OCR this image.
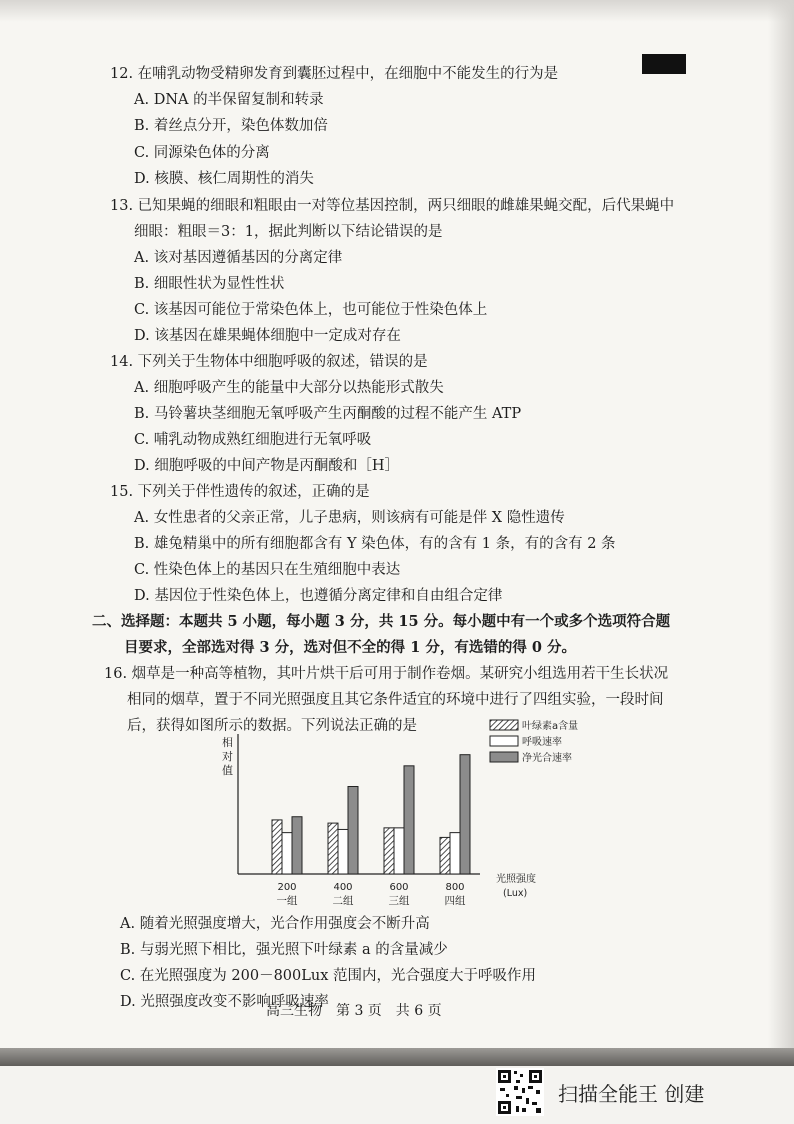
12. 在哺乳动物受精卵发育到囊胚过程中，在细胞中不能发生的行为是
A. DNA 的半保留复制和转录
B. 着丝点分开，染色体数加倍
C. 同源染色体的分离
D. 核膜、核仁周期性的消失
13. 已知果蝇的细眼和粗眼由一对等位基因控制，两只细眼的雌雄果蝇交配，后代果蝇中
细眼：粗眼＝3：1，据此判断以下结论错误的是
A. 该对基因遵循基因的分离定律
B. 细眼性状为显性性状
C. 该基因可能位于常染色体上，也可能位于性染色体上
D. 该基因在雄果蝇体细胞中一定成对存在
14. 下列关于生物体中细胞呼吸的叙述，错误的是
A. 细胞呼吸产生的能量中大部分以热能形式散失
B. 马铃薯块茎细胞无氧呼吸产生丙酮酸的过程不能产生 ATP
C. 哺乳动物成熟红细胞进行无氧呼吸
D. 细胞呼吸的中间产物是丙酮酸和［H］
15. 下列关于伴性遗传的叙述，正确的是
A. 女性患者的父亲正常，儿子患病，则该病有可能是伴 X 隐性遗传
B. 雄兔精巢中的所有细胞都含有 Y 染色体，有的含有 1 条，有的含有 2 条
C. 性染色体上的基因只在生殖细胞中表达
D. 基因位于性染色体上，也遵循分离定律和自由组合定律
二、选择题：本题共 5 小题，每小题 3 分，共 15 分。每小题中有一个或多个选项符合题
目要求，全部选对得 3 分，选对但不全的得 1 分，有选错的得 0 分。
16. 烟草是一种高等植物，其叶片烘干后可用于制作卷烟。某研究小组选用若干生长状况
相同的烟草，置于不同光照强度且其它条件适宜的环境中进行了四组实验，一段时间
后，获得如图所示的数据。下列说法正确的是
相
对
值
200
一组
400
二组
600
三组
800
四组
叶绿素a含量
呼吸速率
净光合速率
光照强度
(Lux)
A. 随着光照强度增大，光合作用强度会不断升高
B. 与弱光照下相比，强光照下叶绿素 a 的含量减少
C. 在光照强度为 200－800Lux 范围内，光合强度大于呼吸作用
D. 光照强度改变不影响呼吸速率
高三生物　第 3 页　共 6 页
扫描全能王 创建
